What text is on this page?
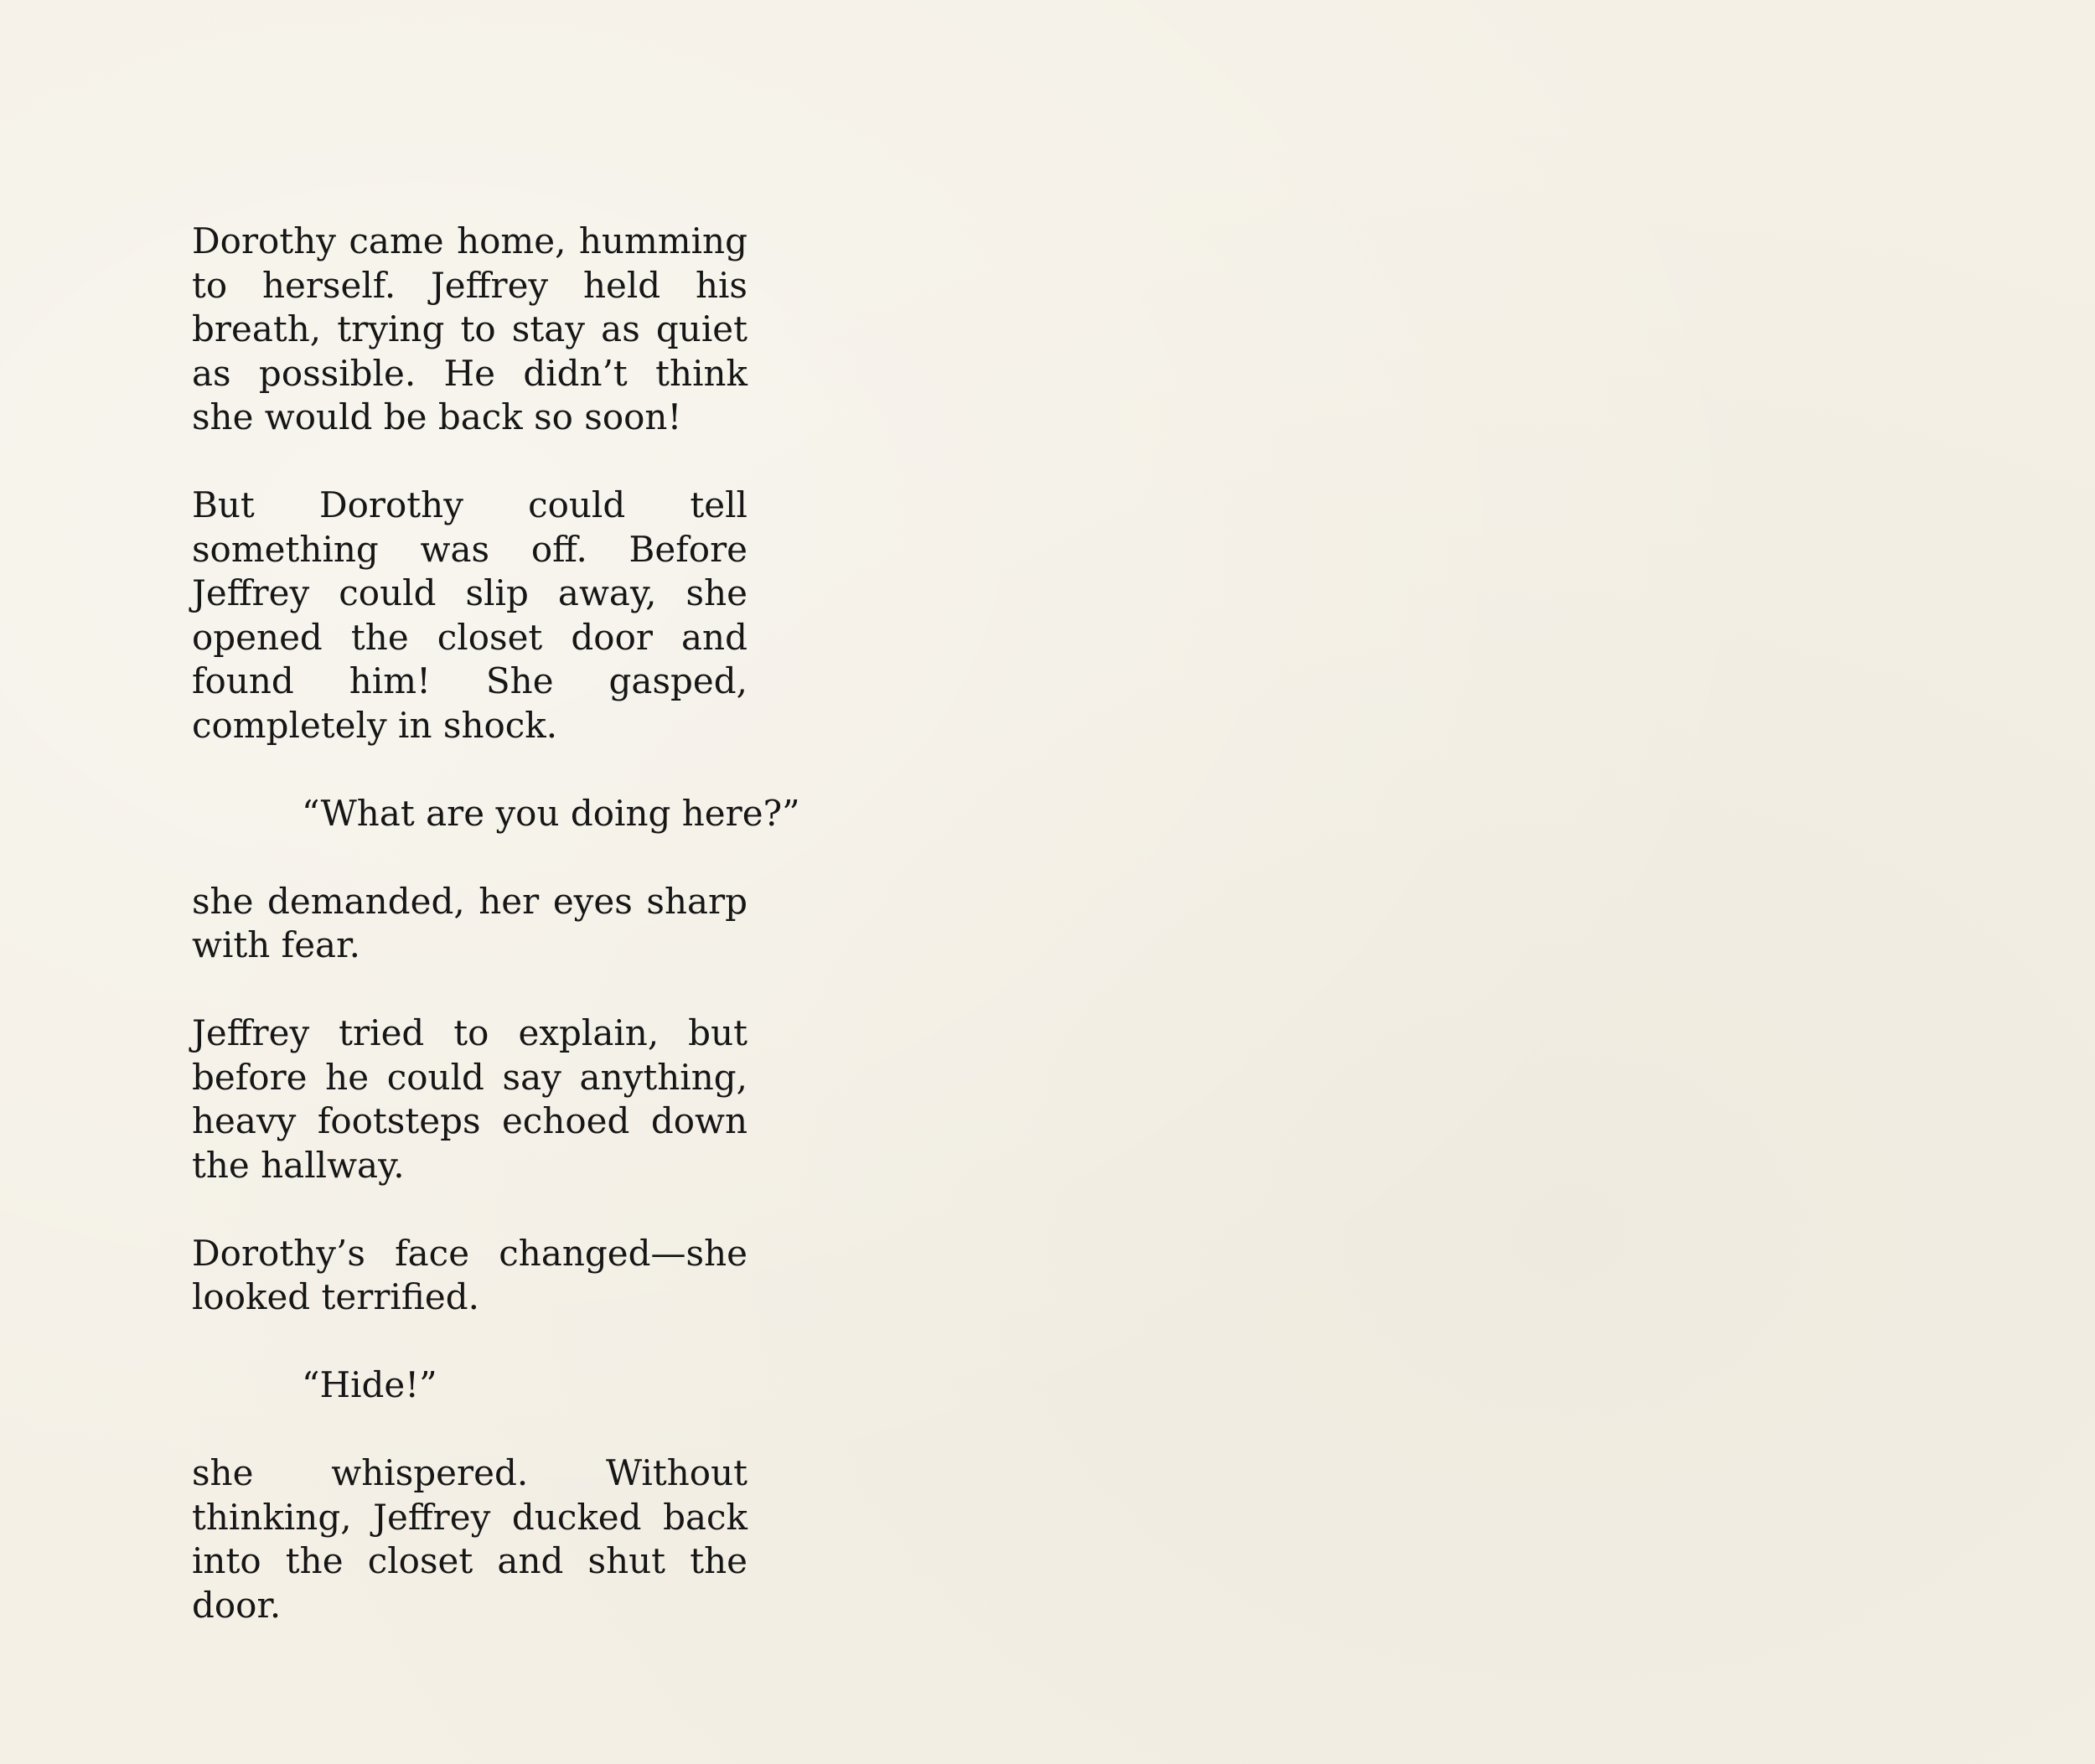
Dorothy came home, humming to herself. Jeffrey held his breath, trying to stay as quiet as possible. He didn’t think she would be back so soon!

But Dorothy could tell something was off. Before Jeffrey could slip away, she opened the closet door and found him! She gasped, completely in shock.

“What are you doing here?”

she demanded, her eyes sharp with fear.

Jeffrey tried to explain, but before he could say anything, heavy footsteps echoed down the hallway.

Dorothy’s face changed—she looked terrified.

“Hide!”

she whispered. Without thinking, Jeffrey ducked back into the closet and shut the door.
